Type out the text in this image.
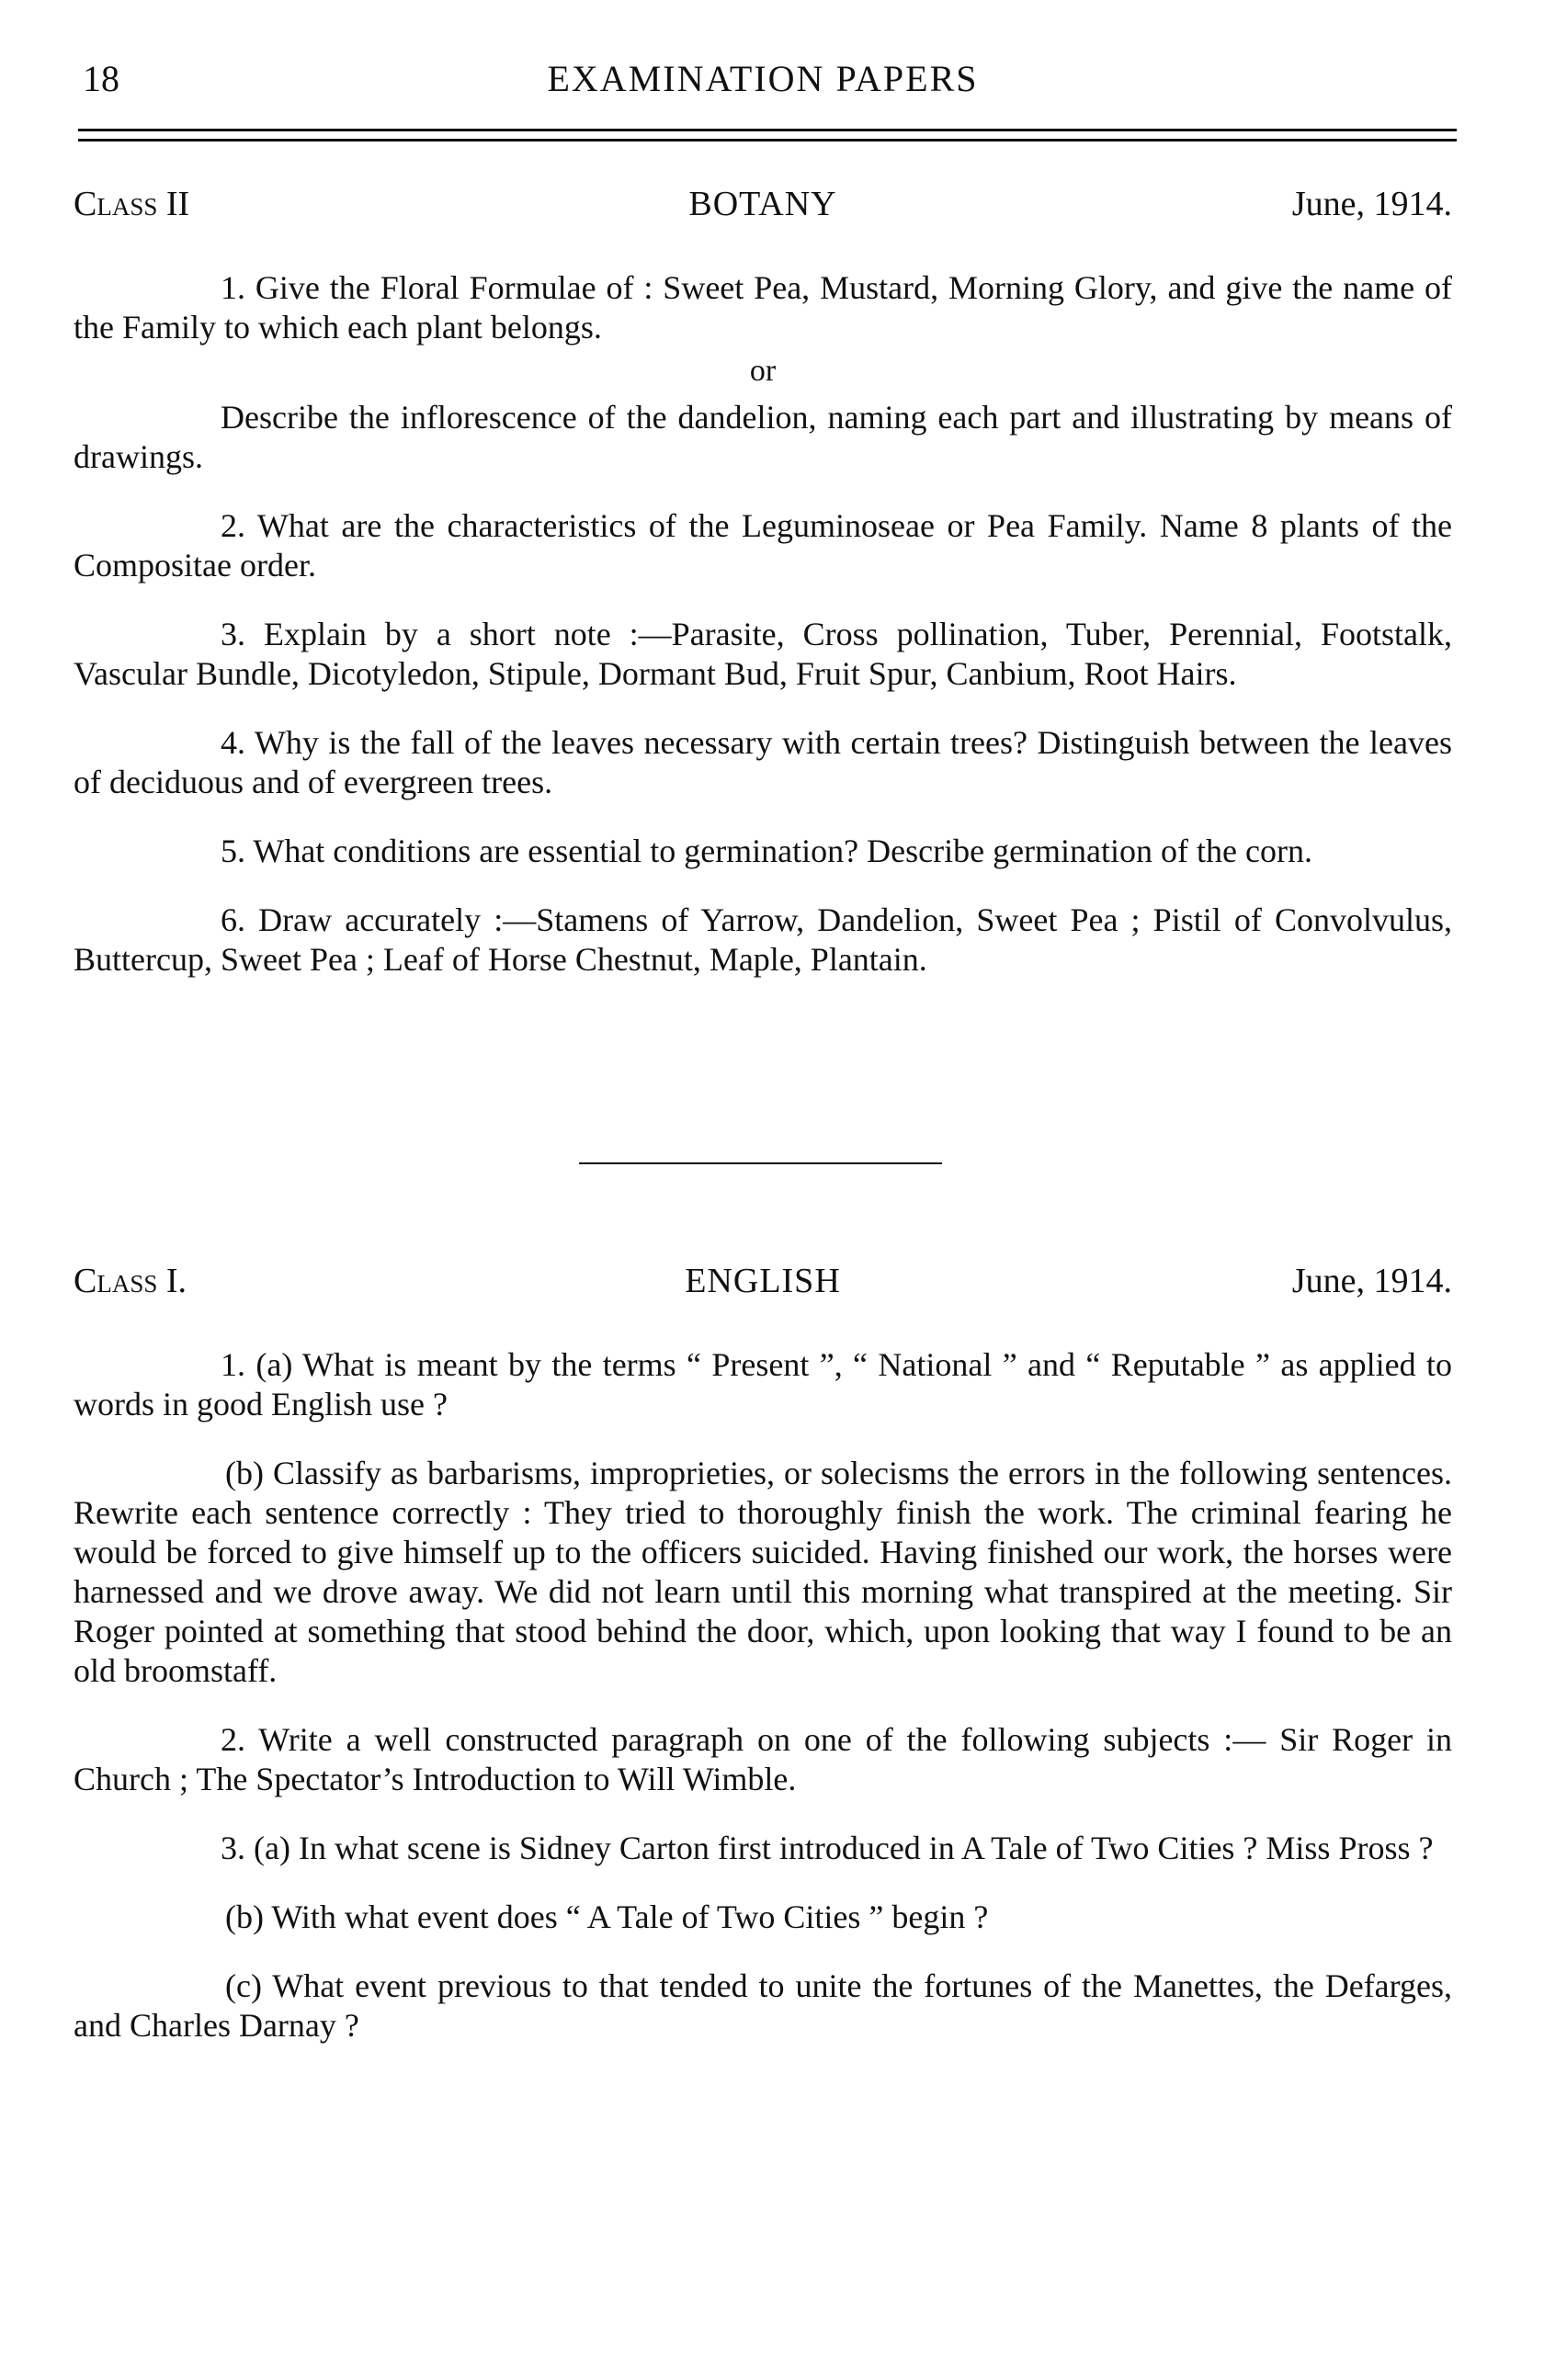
18	EXAMINATION PAPERS
Class II	BOTANY	June, 1914.

1. Give the Floral Formulae of : Sweet Pea, Mustard, Morning Glory, and give the name of the Family to which each plant belongs.

or

Describe the inflorescence of the dandelion, naming each part and illustrating by means of drawings.

2. What are the characteristics of the Leguminoseae or Pea Family. Name 8 plants of the Compositae order.

3. Explain by a short note :—Parasite, Cross pollination, Tuber, Perennial, Footstalk, Vascular Bundle, Dicotyledon, Stipule, Dormant Bud, Fruit Spur, Canbium, Root Hairs.

4. Why is the fall of the leaves necessary with certain trees? Distinguish between the leaves of deciduous and of evergreen trees.

5. What conditions are essential to germination? Describe germination of the corn.

6. Draw accurately :—Stamens of Yarrow, Dandelion, Sweet Pea ; Pistil of Convolvulus, Buttercup, Sweet Pea ; Leaf of Horse Chestnut, Maple, Plantain.

Class I.	ENGLISH	June, 1914.

1. (a) What is meant by the terms “ Present ”, “ National ” and “ Reputable ” as applied to words in good English use ?

(b) Classify as barbarisms, improprieties, or solecisms the errors in the following sentences. Rewrite each sentence correctly : They tried to thoroughly finish the work. The criminal fearing he would be forced to give himself up to the officers suicided. Having finished our work, the horses were harnessed and we drove away. We did not learn until this morning what transpired at the meeting. Sir Roger pointed at something that stood behind the door, which, upon looking that way I found to be an old broomstaff.

2. Write a well constructed paragraph on one of the following subjects :— Sir Roger in Church ; The Spectator’s Introduction to Will Wimble.

3. (a) In what scene is Sidney Carton first introduced in A Tale of Two Cities ? Miss Pross ?

(b) With what event does “ A Tale of Two Cities ” begin ?

(c) What event previous to that tended to unite the fortunes of the Manettes, the Defarges, and Charles Darnay ?
